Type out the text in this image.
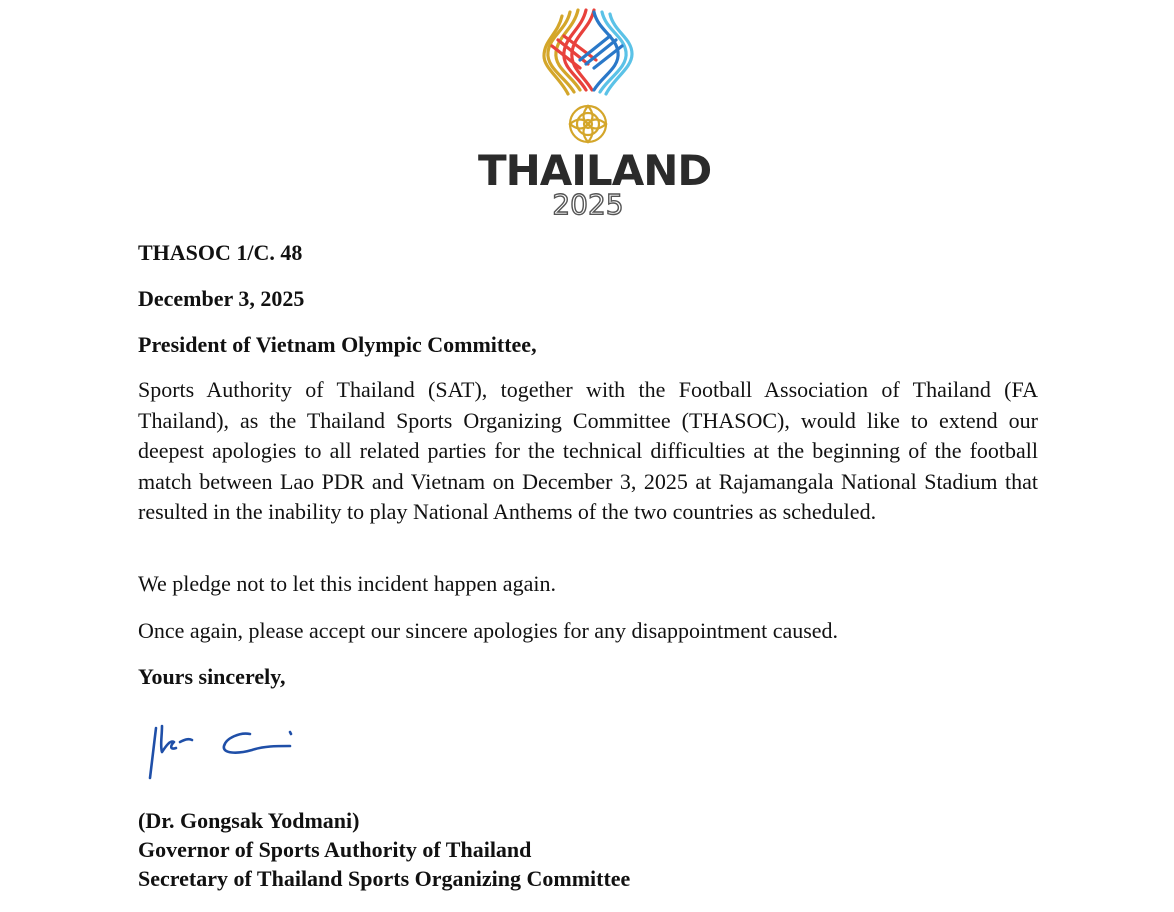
THAILAND
2025
THASOC 1/C. 48
December 3, 2025
President of Vietnam Olympic Committee,
Sports Authority of Thailand (SAT), together with the Football Association of Thailand (FA Thailand), as the Thailand Sports Organizing Committee (THASOC), would like to extend our deepest apologies to all related parties for the technical difficulties at the beginning of the football match between Lao PDR and Vietnam on December 3, 2025 at Rajamangala National Stadium that resulted in the inability to play National Anthems of the two countries as scheduled.
We pledge not to let this incident happen again.
Once again, please accept our sincere apologies for any disappointment caused.
Yours sincerely,
(Dr. Gongsak Yodmani)
Governor of Sports Authority of Thailand
Secretary of Thailand Sports Organizing Committee
